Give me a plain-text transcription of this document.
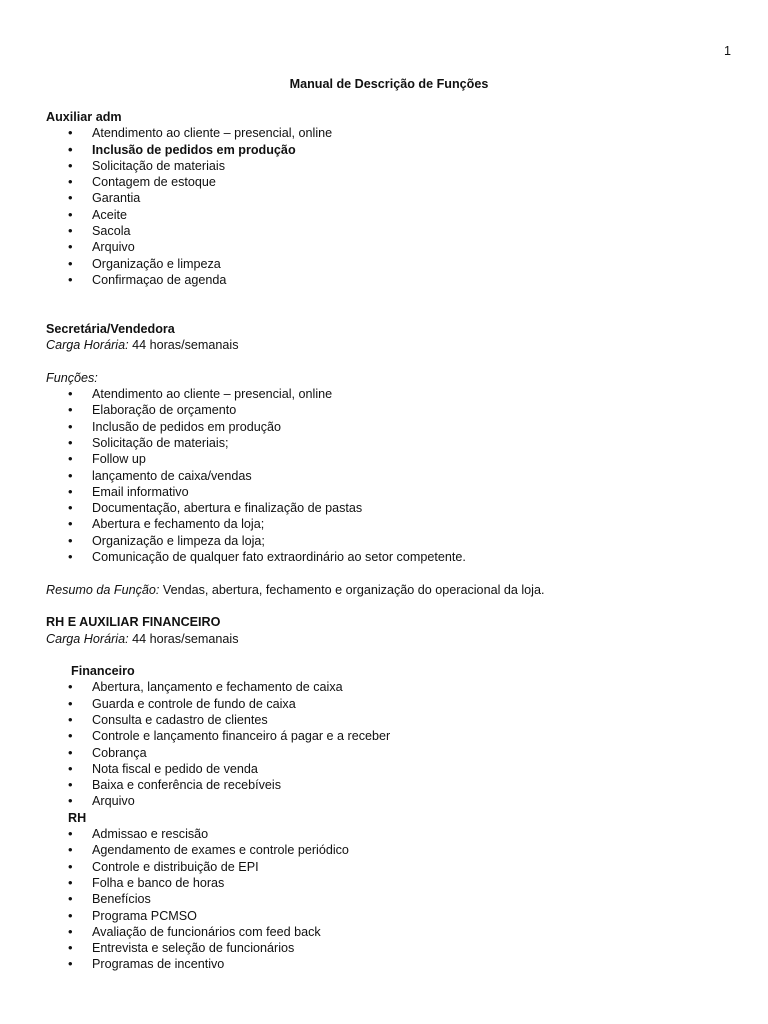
1
Manual de Descrição de Funções
Auxiliar adm
• Atendimento ao cliente – presencial, online
• Inclusão de pedidos em produção
• Solicitação de materiais
• Contagem de estoque
• Garantia
• Aceite
• Sacola
• Arquivo
• Organização e limpeza
• Confirmaçao de agenda
Secretária/Vendedora
Carga Horária: 44 horas/semanais
Funções:
• Atendimento ao cliente – presencial, online
• Elaboração de orçamento
• Inclusão de pedidos em produção
• Solicitação de materiais;
• Follow up
• lançamento de caixa/vendas
• Email informativo
• Documentação, abertura e finalização de pastas
• Abertura e fechamento da loja;
• Organização e limpeza da loja;
• Comunicação de qualquer fato extraordinário ao setor competente.
Resumo da Função: Vendas, abertura, fechamento e organização do operacional da loja.
RH E AUXILIAR FINANCEIRO
Carga Horária: 44 horas/semanais
Financeiro
• Abertura, lançamento e fechamento de caixa
• Guarda e controle de fundo de caixa
• Consulta e cadastro de clientes
• Controle e lançamento financeiro á pagar e a receber
• Cobrança
• Nota fiscal e pedido de venda
• Baixa e conferência de recebíveis
• Arquivo
RH
• Admissao e rescisão
• Agendamento de exames e controle periódico
• Controle e distribuição de EPI
• Folha e banco de horas
• Benefícios
• Programa PCMSO
• Avaliação de funcionários com feed back
• Entrevista e seleção de funcionários
• Programas de incentivo
